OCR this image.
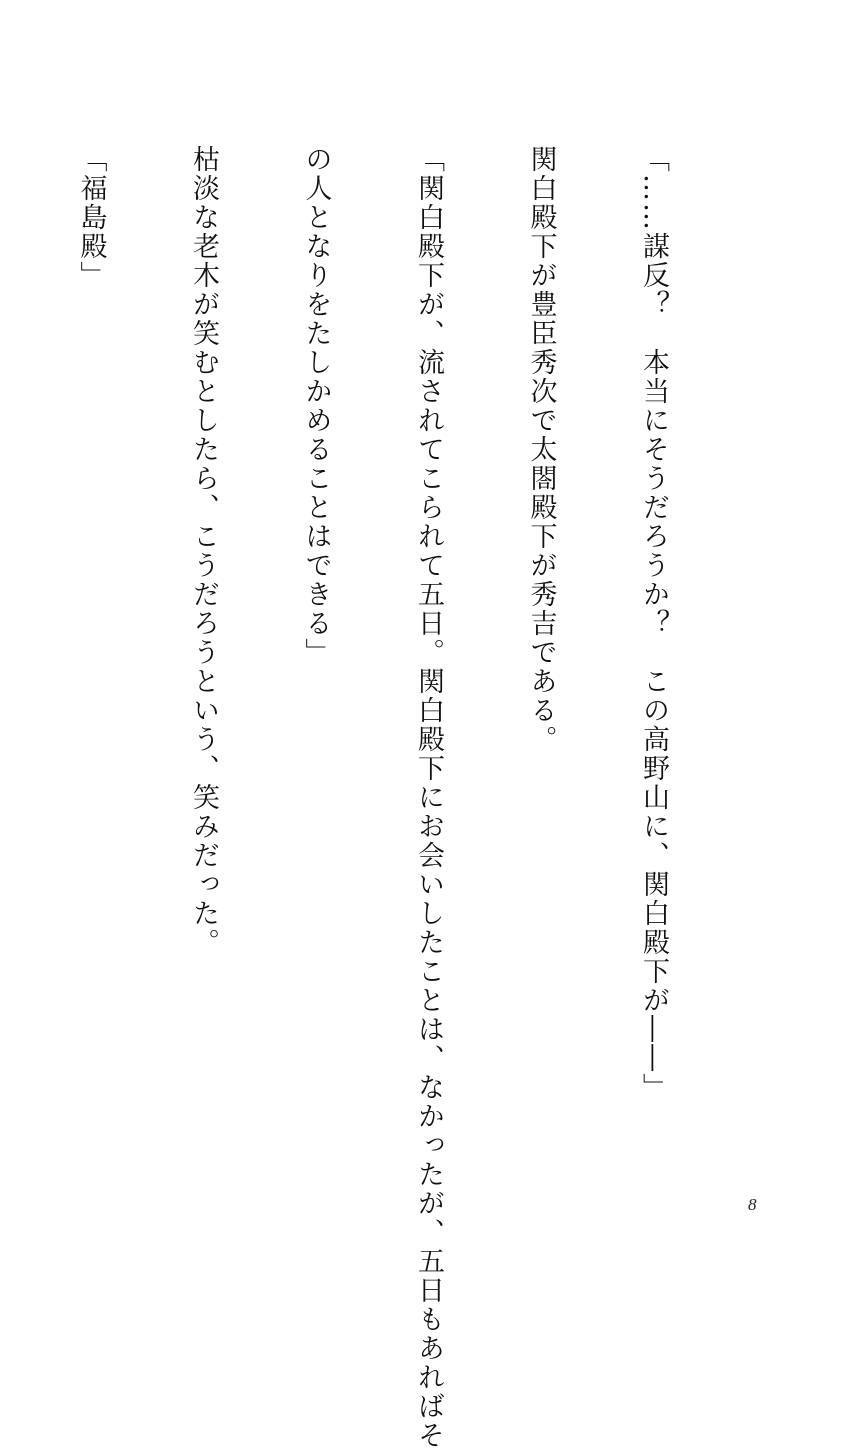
「……謀反？　本当にそうだろうか？　この高野山に、関白殿下が――」

関白殿下が豊臣秀次で太閤殿下が秀吉である。

「関白殿下が、流されてこられて五日。関白殿下にお会いしたことは、なかったが、五日もあればそ

の人となりをたしかめることはできる」

枯淡な老木が笑むとしたら、こうだろうという、笑みだった。

「福島殿」

8
